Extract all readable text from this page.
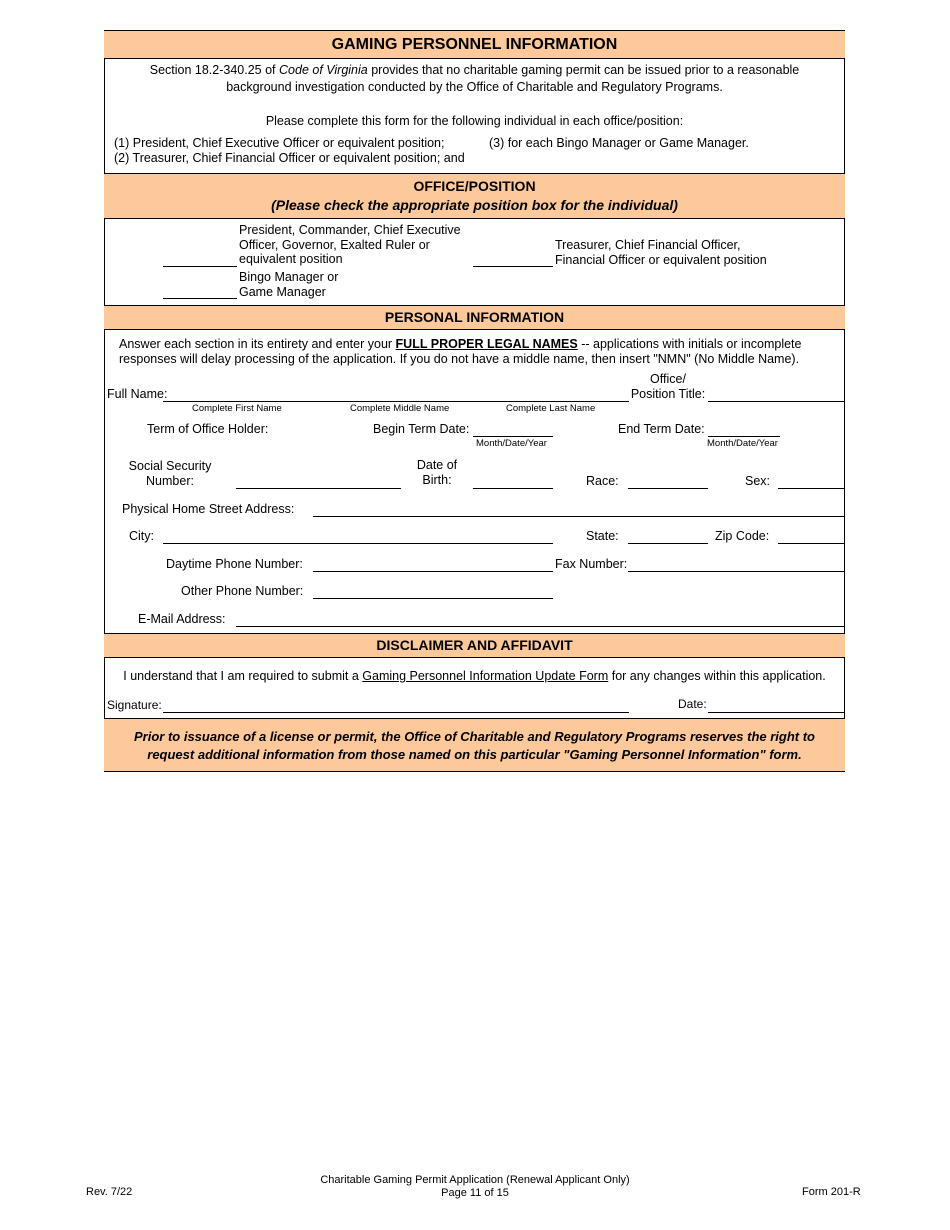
GAMING PERSONNEL INFORMATION
Section 18.2-340.25 of Code of Virginia provides that no charitable gaming permit can be issued prior to a reasonable
background investigation conducted by the Office of Charitable and Regulatory Programs.
Please complete this form for the following individual in each office/position:
(1) President, Chief Executive Officer or equivalent position;
(2) Treasurer, Chief Financial Officer or equivalent position; and
(3) for each Bingo Manager or Game Manager.
OFFICE/POSITION
(Please check the appropriate position box for the individual)
President, Commander, Chief Executive
Officer, Governor, Exalted Ruler or
equivalent position
Treasurer, Chief Financial Officer,
Financial Officer or equivalent position
Bingo Manager or
Game Manager
PERSONAL INFORMATION
Answer each section in its entirety and enter your FULL PROPER LEGAL NAMES -- applications with initials or incomplete
responses will delay processing of the application. If you do not have a middle name, then insert "NMN" (No Middle Name).
Full Name:
Office/
Position Title:
Complete First Name	Complete Middle Name	Complete Last Name
Term of Office Holder:	Begin Term Date:
Month/Date/Year
End Term Date:
Month/Date/Year
Social Security
Number:
Date of
Birth:	Race:	Sex:
Physical Home Street Address:
City:	State:	Zip Code:
Daytime Phone Number:	Fax Number:
Other Phone Number:
E-Mail Address:
DISCLAIMER AND AFFIDAVIT
I understand that I am required to submit a Gaming Personnel Information Update Form for any changes within this application.
Signature:	Date:
Prior to issuance of a license or permit, the Office of Charitable and Regulatory Programs reserves the right to
request additional information from those named on this particular "Gaming Personnel Information" form.
Rev. 7/22
Charitable Gaming Permit Application (Renewal Applicant Only)
Page 11 of 15	Form 201-R
